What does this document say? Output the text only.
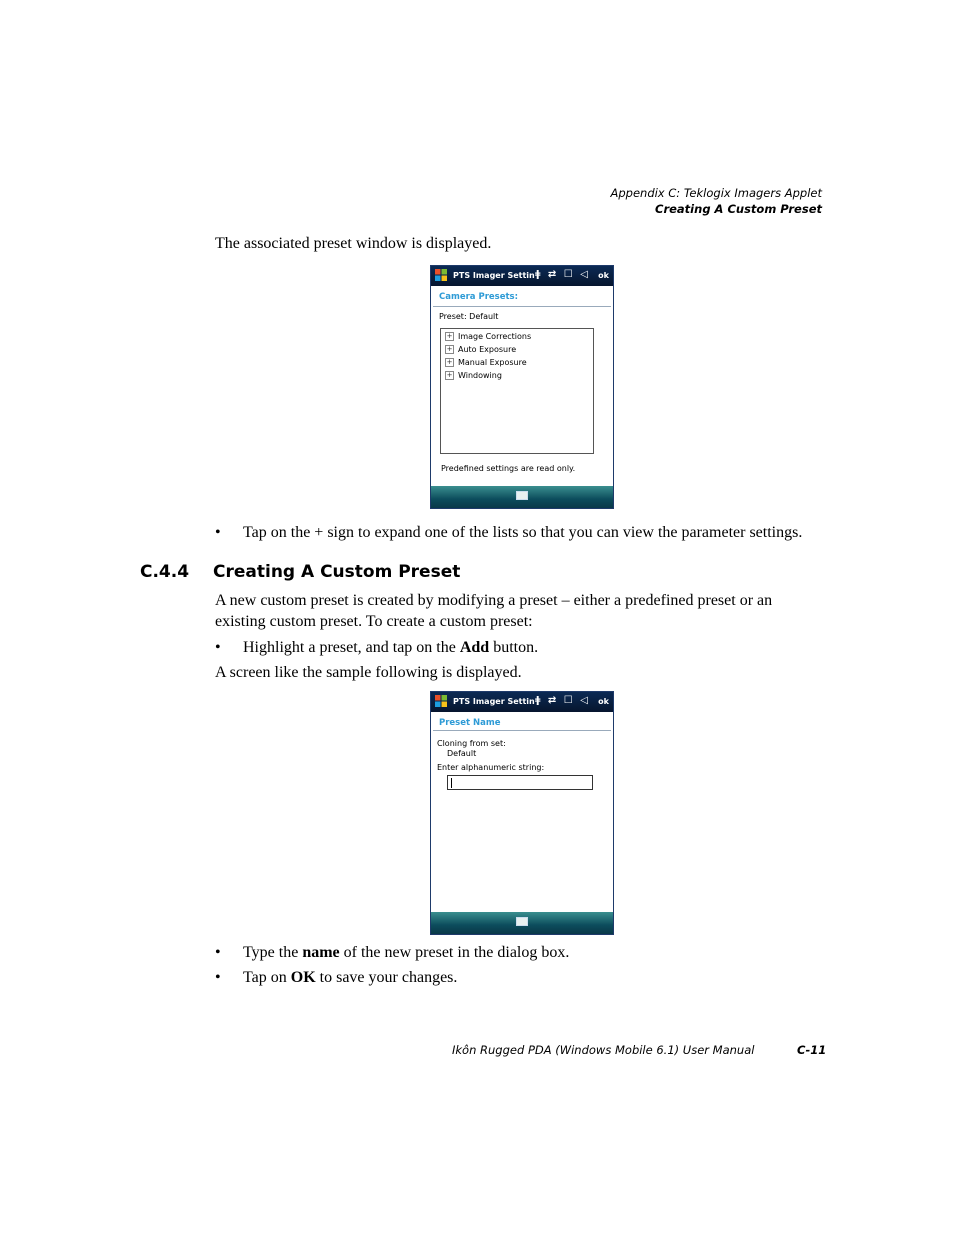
Appendix C: Teklogix Imagers Applet
Creating A Custom Preset
The associated preset window is displayed.
PTS Imager Settin ǂ ⇄ ☐ ◁ ok
Camera Presets:
Preset: Default
+ Image Corrections
+ Auto Exposure
+ Manual Exposure
+ Windowing
Predefined settings are read only.
• Tap on the + sign to expand one of the lists so that you can view the parameter settings.
C.4.4 Creating A Custom Preset
A new custom preset is created by modifying a preset – either a predefined preset or an existing custom preset. To create a custom preset:
• Highlight a preset, and tap on the Add button.
A screen like the sample following is displayed.
PTS Imager Settin ǂ ⇄ ☐ ◁ ok
Preset Name
Cloning from set:
Default
Enter alphanumeric string:
• Type the name of the new preset in the dialog box.
• Tap on OK to save your changes.
Ikôn Rugged PDA (Windows Mobile 6.1) User Manual	C-11
